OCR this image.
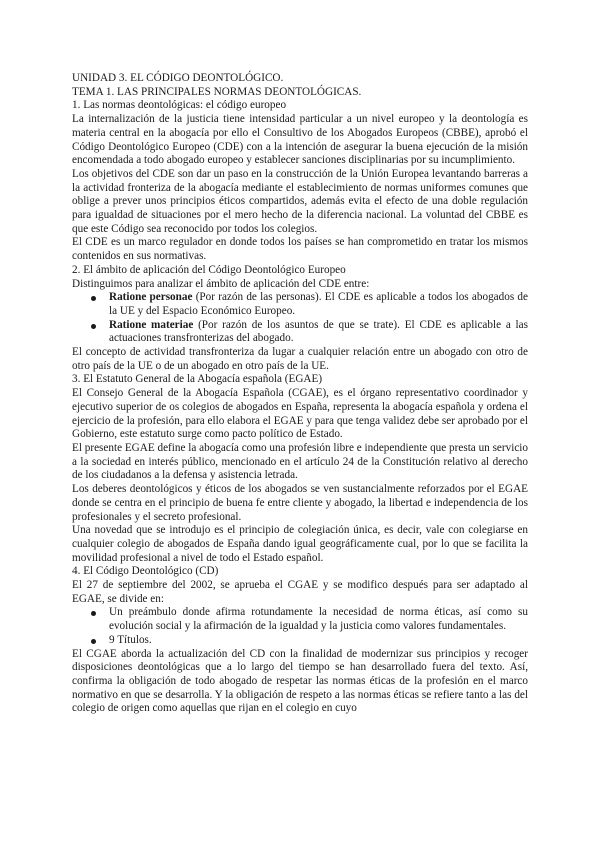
UNIDAD 3. EL CÓDIGO DEONTOLÓGICO.

TEMA 1. LAS PRINCIPALES NORMAS DEONTOLÓGICAS.

1. Las normas deontológicas: el código europeo

La internalización de la justicia tiene intensidad particular a un nivel europeo y la deontología es materia central en la abogacía por ello el Consultivo de los Abogados Europeos (CBBE), aprobó el Código Deontológico Europeo (CDE) con a la intención de asegurar la buena ejecución de la misión encomendada a todo abogado europeo y establecer sanciones disciplinarias por su incumplimiento.

Los objetivos del CDE son dar un paso en la construcción de la Unión Europea levantando barreras a la actividad fronteriza de la abogacía mediante el establecimiento de normas uniformes comunes que oblige a prever unos principios éticos compartidos, además evita el efecto de una doble regulación para igualdad de situaciones por el mero hecho de la diferencia nacional. La voluntad del CBBE es que este Código sea reconocido por todos los colegios.

El CDE es un marco regulador en donde todos los países se han comprometido en tratar los mismos contenidos en sus normativas.

2. El ámbito de aplicación del Código Deontológico Europeo

Distinguimos para analizar el ámbito de aplicación del CDE entre:

Ratione personae (Por razón de las personas). El CDE es aplicable a todos los abogados de la UE y del Espacio Económico Europeo.
Ratione materiae (Por razón de los asuntos de que se trate). El CDE es aplicable a las actuaciones transfronterizas del abogado.

El concepto de actividad transfronteriza da lugar a cualquier relación entre un abogado con otro de otro país de la UE o de un abogado en otro país de la UE.

3. El Estatuto General de la Abogacía española (EGAE)

El Consejo General de la Abogacía Española (CGAE), es el órgano representativo coordinador y ejecutivo superior de os colegios de abogados en España, representa la abogacía española y ordena el ejercicio de la profesión, para ello elabora el EGAE y para que tenga validez debe ser aprobado por el Gobierno, este estatuto surge como pacto político de Estado.

El presente EGAE define la abogacía como una profesión libre e independiente que presta un servicio a la sociedad en interés público, mencionado en el artículo 24 de la Constitución relativo al derecho de los ciudadanos a la defensa y asistencia letrada.

Los deberes deontológicos y éticos de los abogados se ven sustancialmente reforzados por el EGAE donde se centra en el principio de buena fe entre cliente y abogado, la libertad e independencia de los profesionales y el secreto profesional.

Una novedad que se introdujo es el principio de colegiación única, es decir, vale con colegiarse en cualquier colegio de abogados de España dando igual geográficamente cual, por lo que se facilita la movilidad profesional a nivel de todo el Estado español.

4. El Código Deontológico (CD)

El 27 de septiembre del 2002, se aprueba el CGAE y se modifico después para ser adaptado al EGAE, se divide en:

Un preámbulo donde afirma rotundamente la necesidad de norma éticas, así como su evolución social y la afirmación de la igualdad y la justicia como valores fundamentales.
9 Títulos.

El CGAE aborda la actualización del CD con la finalidad de modernizar sus principios y recoger disposiciones deontológicas que a lo largo del tiempo se han desarrollado fuera del texto. Así, confirma la obligación de todo abogado de respetar las normas éticas de la profesión en el marco normativo en que se desarrolla. Y la obligación de respeto a las normas éticas se refiere tanto a las del colegio de origen como aquellas que rijan en el colegio en cuyo
